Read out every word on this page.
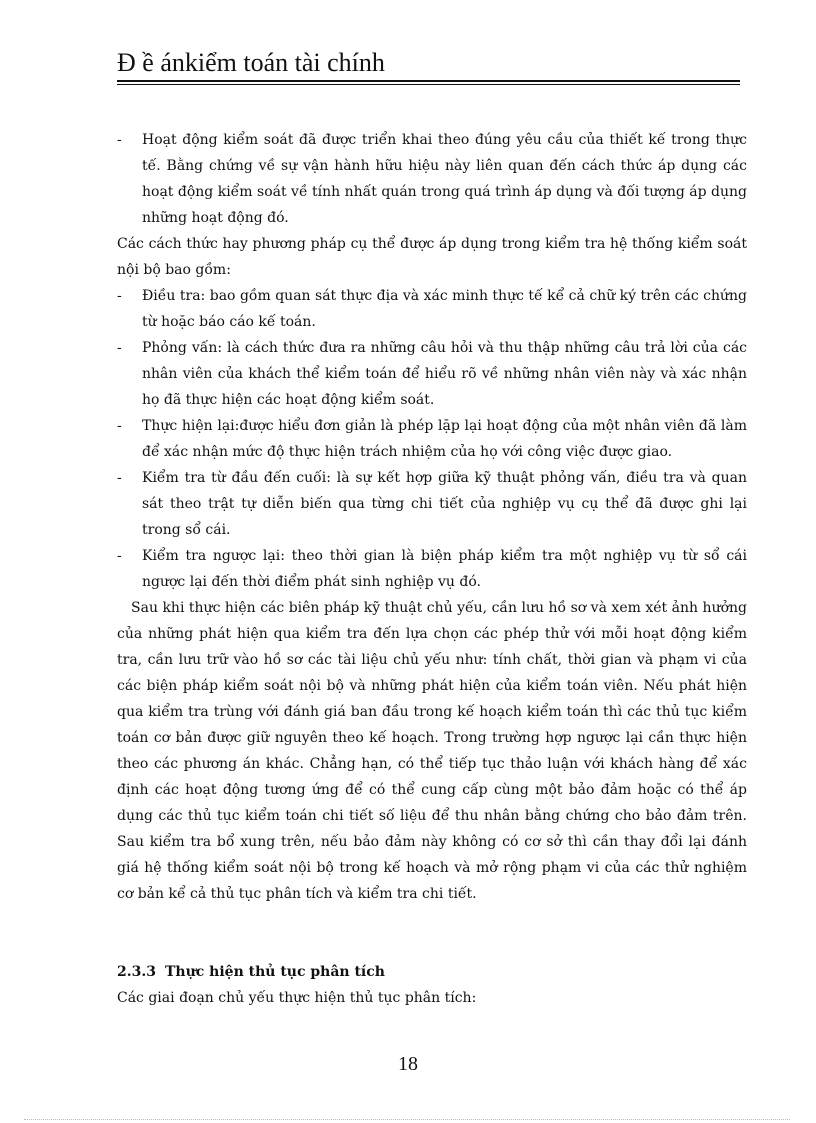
Đ ề ánkiểm toán tài chính
- Hoạt động kiểm soát đã được triển khai theo đúng yêu cầu của thiết kế trong thực tế. Bằng chứng về sự vận hành hữu hiệu này liên quan đến cách thức áp dụng các hoạt động kiểm soát về tính nhất quán trong quá trình áp dụng và đối tượng áp dụng những hoạt động đó.

Các cách thức hay phương pháp cụ thể được áp dụng trong kiểm tra hệ thống kiểm soát nội bộ bao gồm:

- Điều tra: bao gồm quan sát thực địa và xác minh thực tế kể cả chữ ký trên các chứng từ hoặc báo cáo kế toán.
- Phỏng vấn: là cách thức đưa ra những câu hỏi và thu thập những câu trả lời của các nhân viên của khách thể kiểm toán để hiểu rõ về những nhân viên này và xác nhận họ đã thực hiện các hoạt động kiểm soát.
- Thực hiện lại:được hiểu đơn giản là phép lặp lại hoạt động của một nhân viên đã làm để xác nhận mức độ thực hiện trách nhiệm của họ với công việc được giao.
- Kiểm tra từ đầu đến cuối: là sự kết hợp giữa kỹ thuật phỏng vấn, điều tra và quan sát theo trật tự diễn biến qua từng chi tiết của nghiệp vụ cụ thể đã được ghi lại trong sổ cái.
- Kiểm tra ngược lại: theo thời gian là biện pháp kiểm tra một nghiệp vụ từ sổ cái ngược lại đến thời điểm phát sinh nghiệp vụ đó.

Sau khi thực hiện các biên pháp kỹ thuật chủ yếu, cần lưu hồ sơ và xem xét ảnh hưởng của những phát hiện qua kiểm tra đến lựa chọn các phép thử với mỗi hoạt động kiểm tra, cần lưu trữ vào hồ sơ các tài liệu chủ yếu như: tính chất, thời gian và phạm vi của các biện pháp kiểm soát nội bộ và những phát hiện của kiểm toán viên. Nếu phát hiện qua kiểm tra trùng với đánh giá ban đầu trong kế hoạch kiểm toán thì các thủ tục kiểm toán cơ bản được giữ nguyên theo kế hoạch. Trong trường hợp ngược lại cần thực hiện theo các phương án khác. Chẳng hạn, có thể tiếp tục thảo luận với khách hàng để xác định các hoạt động tương ứng để có thể cung cấp cùng một bảo đảm hoặc có thể áp dụng các thủ tục kiểm toán chi tiết số liệu để thu nhân bằng chứng cho bảo đảm trên. Sau kiểm tra bổ xung trên, nếu bảo đảm này không có cơ sở thì cần thay đổi lại đánh giá hệ thống kiểm soát nội bộ trong kế hoạch và mở rộng phạm vi của các thử nghiệm cơ bản kể cả thủ tục phân tích và kiểm tra chi tiết.

2.3.3 Thực hiện thủ tục phân tích
Các giai đoạn chủ yếu thực hiện thủ tục phân tích:
18
